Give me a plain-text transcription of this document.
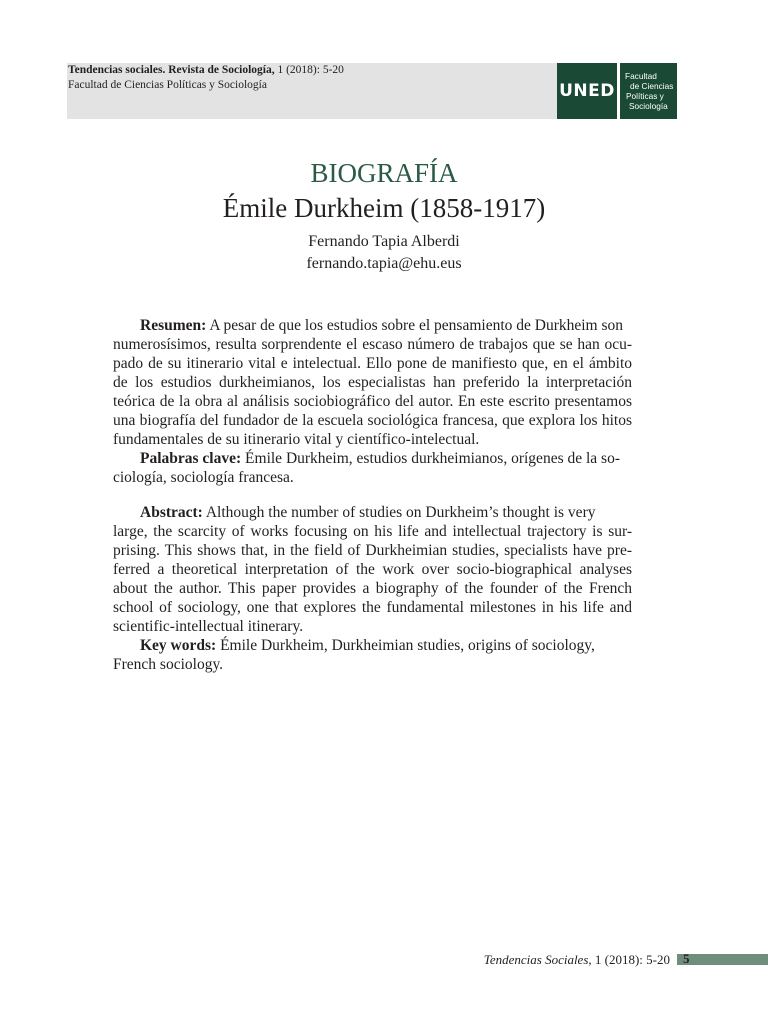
Tendencias sociales. Revista de Sociología, 1 (2018): 5-20
Facultad de Ciencias Políticas y Sociología	UNED
Facultad
de Ciencias
Políticas y
Sociología
BIOGRAFÍA
Émile Durkheim (1858-1917)
Fernando Tapia Alberdi
fernando.tapia@ehu.eus
Resumen: A pesar de que los estudios sobre el pensamiento de Durkheim son
numerosísimos, resulta sorprendente el escaso número de trabajos que se han ocu-
pado de su itinerario vital e intelectual. Ello pone de manifiesto que, en el ámbito
de los estudios durkheimianos, los especialistas han preferido la interpretación
teórica de la obra al análisis sociobiográfico del autor. En este escrito presentamos
una biografía del fundador de la escuela sociológica francesa, que explora los hitos
fundamentales de su itinerario vital y científico-intelectual.
Palabras clave: Émile Durkheim, estudios durkheimianos, orígenes de la so-
ciología, sociología francesa.
Abstract: Although the number of studies on Durkheim’s thought is very
large, the scarcity of works focusing on his life and intellectual trajectory is sur-
prising. This shows that, in the field of Durkheimian studies, specialists have pre-
ferred a theoretical interpretation of the work over socio-biographical analyses
about the author. This paper provides a biography of the founder of the French
school of sociology, one that explores the fundamental milestones in his life and
scientific-intellectual itinerary.
Key words: Émile Durkheim, Durkheimian studies, origins of sociology,
French sociology.
Tendencias Sociales, 1 (2018): 5-20 5
